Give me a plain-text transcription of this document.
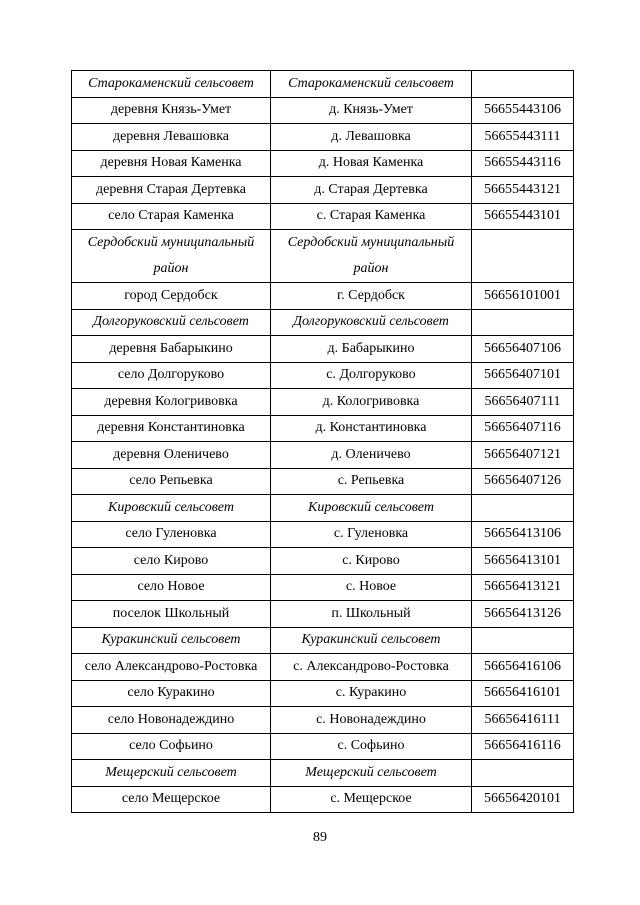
Старокаменский сельсовет	Старокаменский сельсовет	
деревня Князь-Умет	д. Князь-Умет	56655443106
деревня Левашовка	д. Левашовка	56655443111
деревня Новая Каменка	д. Новая Каменка	56655443116
деревня Старая Дертевка	д. Старая Дертевка	56655443121
село Старая Каменка	с. Старая Каменка	56655443101
Сердобский муниципальный район	Сердобский муниципальный район	
город Сердобск	г. Сердобск	56656101001
Долгоруковский сельсовет	Долгоруковский сельсовет	
деревня Бабарыкино	д. Бабарыкино	56656407106
село Долгоруково	с. Долгоруково	56656407101
деревня Кологривовка	д. Кологривовка	56656407111
деревня Константиновка	д. Константиновка	56656407116
деревня Оленичево	д. Оленичево	56656407121
село Репьевка	с. Репьевка	56656407126
Кировский сельсовет	Кировский сельсовет	
село Гуленовка	с. Гуленовка	56656413106
село Кирово	с. Кирово	56656413101
село Новое	с. Новое	56656413121
поселок Школьный	п. Школьный	56656413126
Куракинский сельсовет	Куракинский сельсовет	
село Александрово-Ростовка	с. Александрово-Ростовка	56656416106
село Куракино	с. Куракино	56656416101
село Новонадеждино	с. Новонадеждино	56656416111
село Софьино	с. Софьино	56656416116
Мещерский сельсовет	Мещерский сельсовет	
село Мещерское	с. Мещерское	56656420101
89
